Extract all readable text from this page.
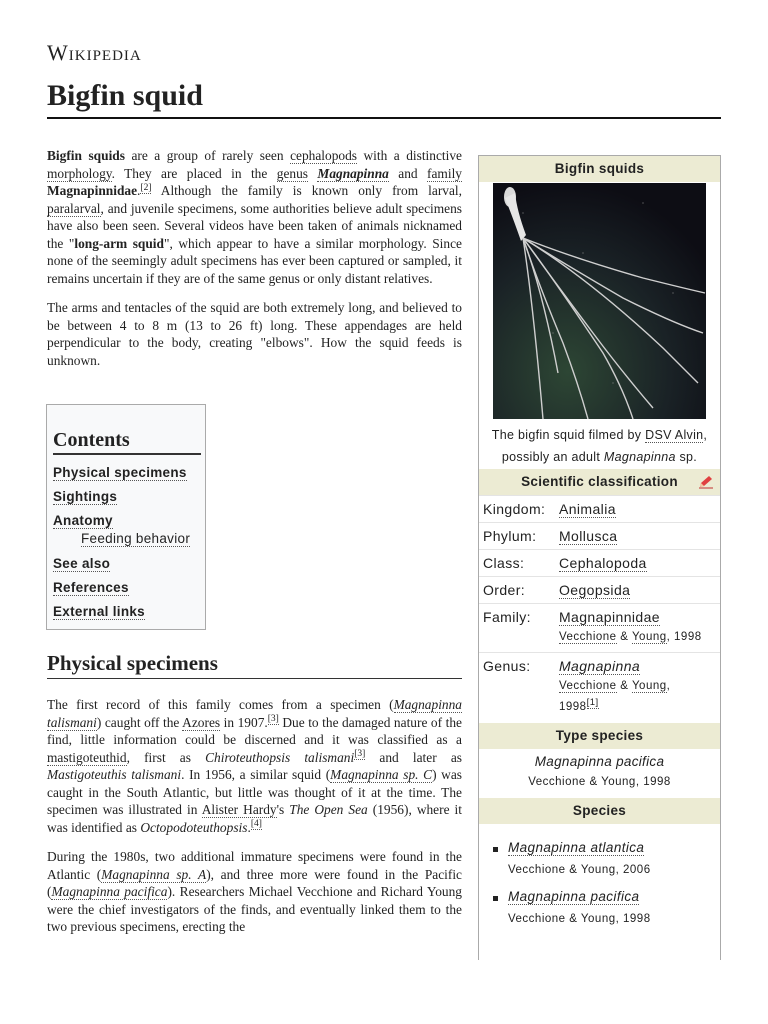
Wikipedia
Bigfin squid

Bigfin squids are a group of rarely seen cephalopods with a distinctive morphology. They are placed in the genus Magnapinna and family Magnapinnidae.[2] Although the family is known only from larval, paralarval, and juvenile specimens, some authorities believe adult specimens have also been seen. Several videos have been taken of animals nicknamed the "long-arm squid", which appear to have a similar morphology. Since none of the seemingly adult specimens has ever been captured or sampled, it remains uncertain if they are of the same genus or only distant relatives.

The arms and tentacles of the squid are both extremely long, and believed to be between 4 to 8 m (13 to 26 ft) long. These appendages are held perpendicular to the body, creating "elbows". How the squid feeds is unknown.

Contents
Physical specimens
Sightings
Anatomy
Feeding behavior
See also
References
External links
Physical specimens

The first record of this family comes from a specimen (Magnapinna talismani) caught off the Azores in 1907.[3] Due to the damaged nature of the find, little information could be discerned and it was classified as a mastigoteuthid, first as Chiroteuthopsis talismani[3] and later as Mastigoteuthis talismani. In 1956, a similar squid (Magnapinna sp. C) was caught in the South Atlantic, but little was thought of it at the time. The specimen was illustrated in Alister Hardy's The Open Sea (1956), where it was identified as Octopodoteuthopsis.[4]

During the 1980s, two additional immature specimens were found in the Atlantic (Magnapinna sp. A), and three more were found in the Pacific (Magnapinna pacifica). Researchers Michael Vecchione and Richard Young were the chief investigators of the finds, and eventually linked them to the two previous specimens, erecting the

Bigfin squids
The bigfin squid filmed by DSV Alvin, possibly an adult Magnapinna sp.
Scientific classification
Kingdom: Animalia
Phylum: Mollusca
Class: Cephalopoda
Order: Oegopsida
Family: Magnapinnidae
Vecchione & Young, 1998
Genus: Magnapinna
Vecchione & Young,
1998[1]
Type species
Magnapinna pacifica
Vecchione & Young, 1998
Species
Magnapinna atlantica
Vecchione & Young, 2006
Magnapinna pacifica
Vecchione & Young, 1998
